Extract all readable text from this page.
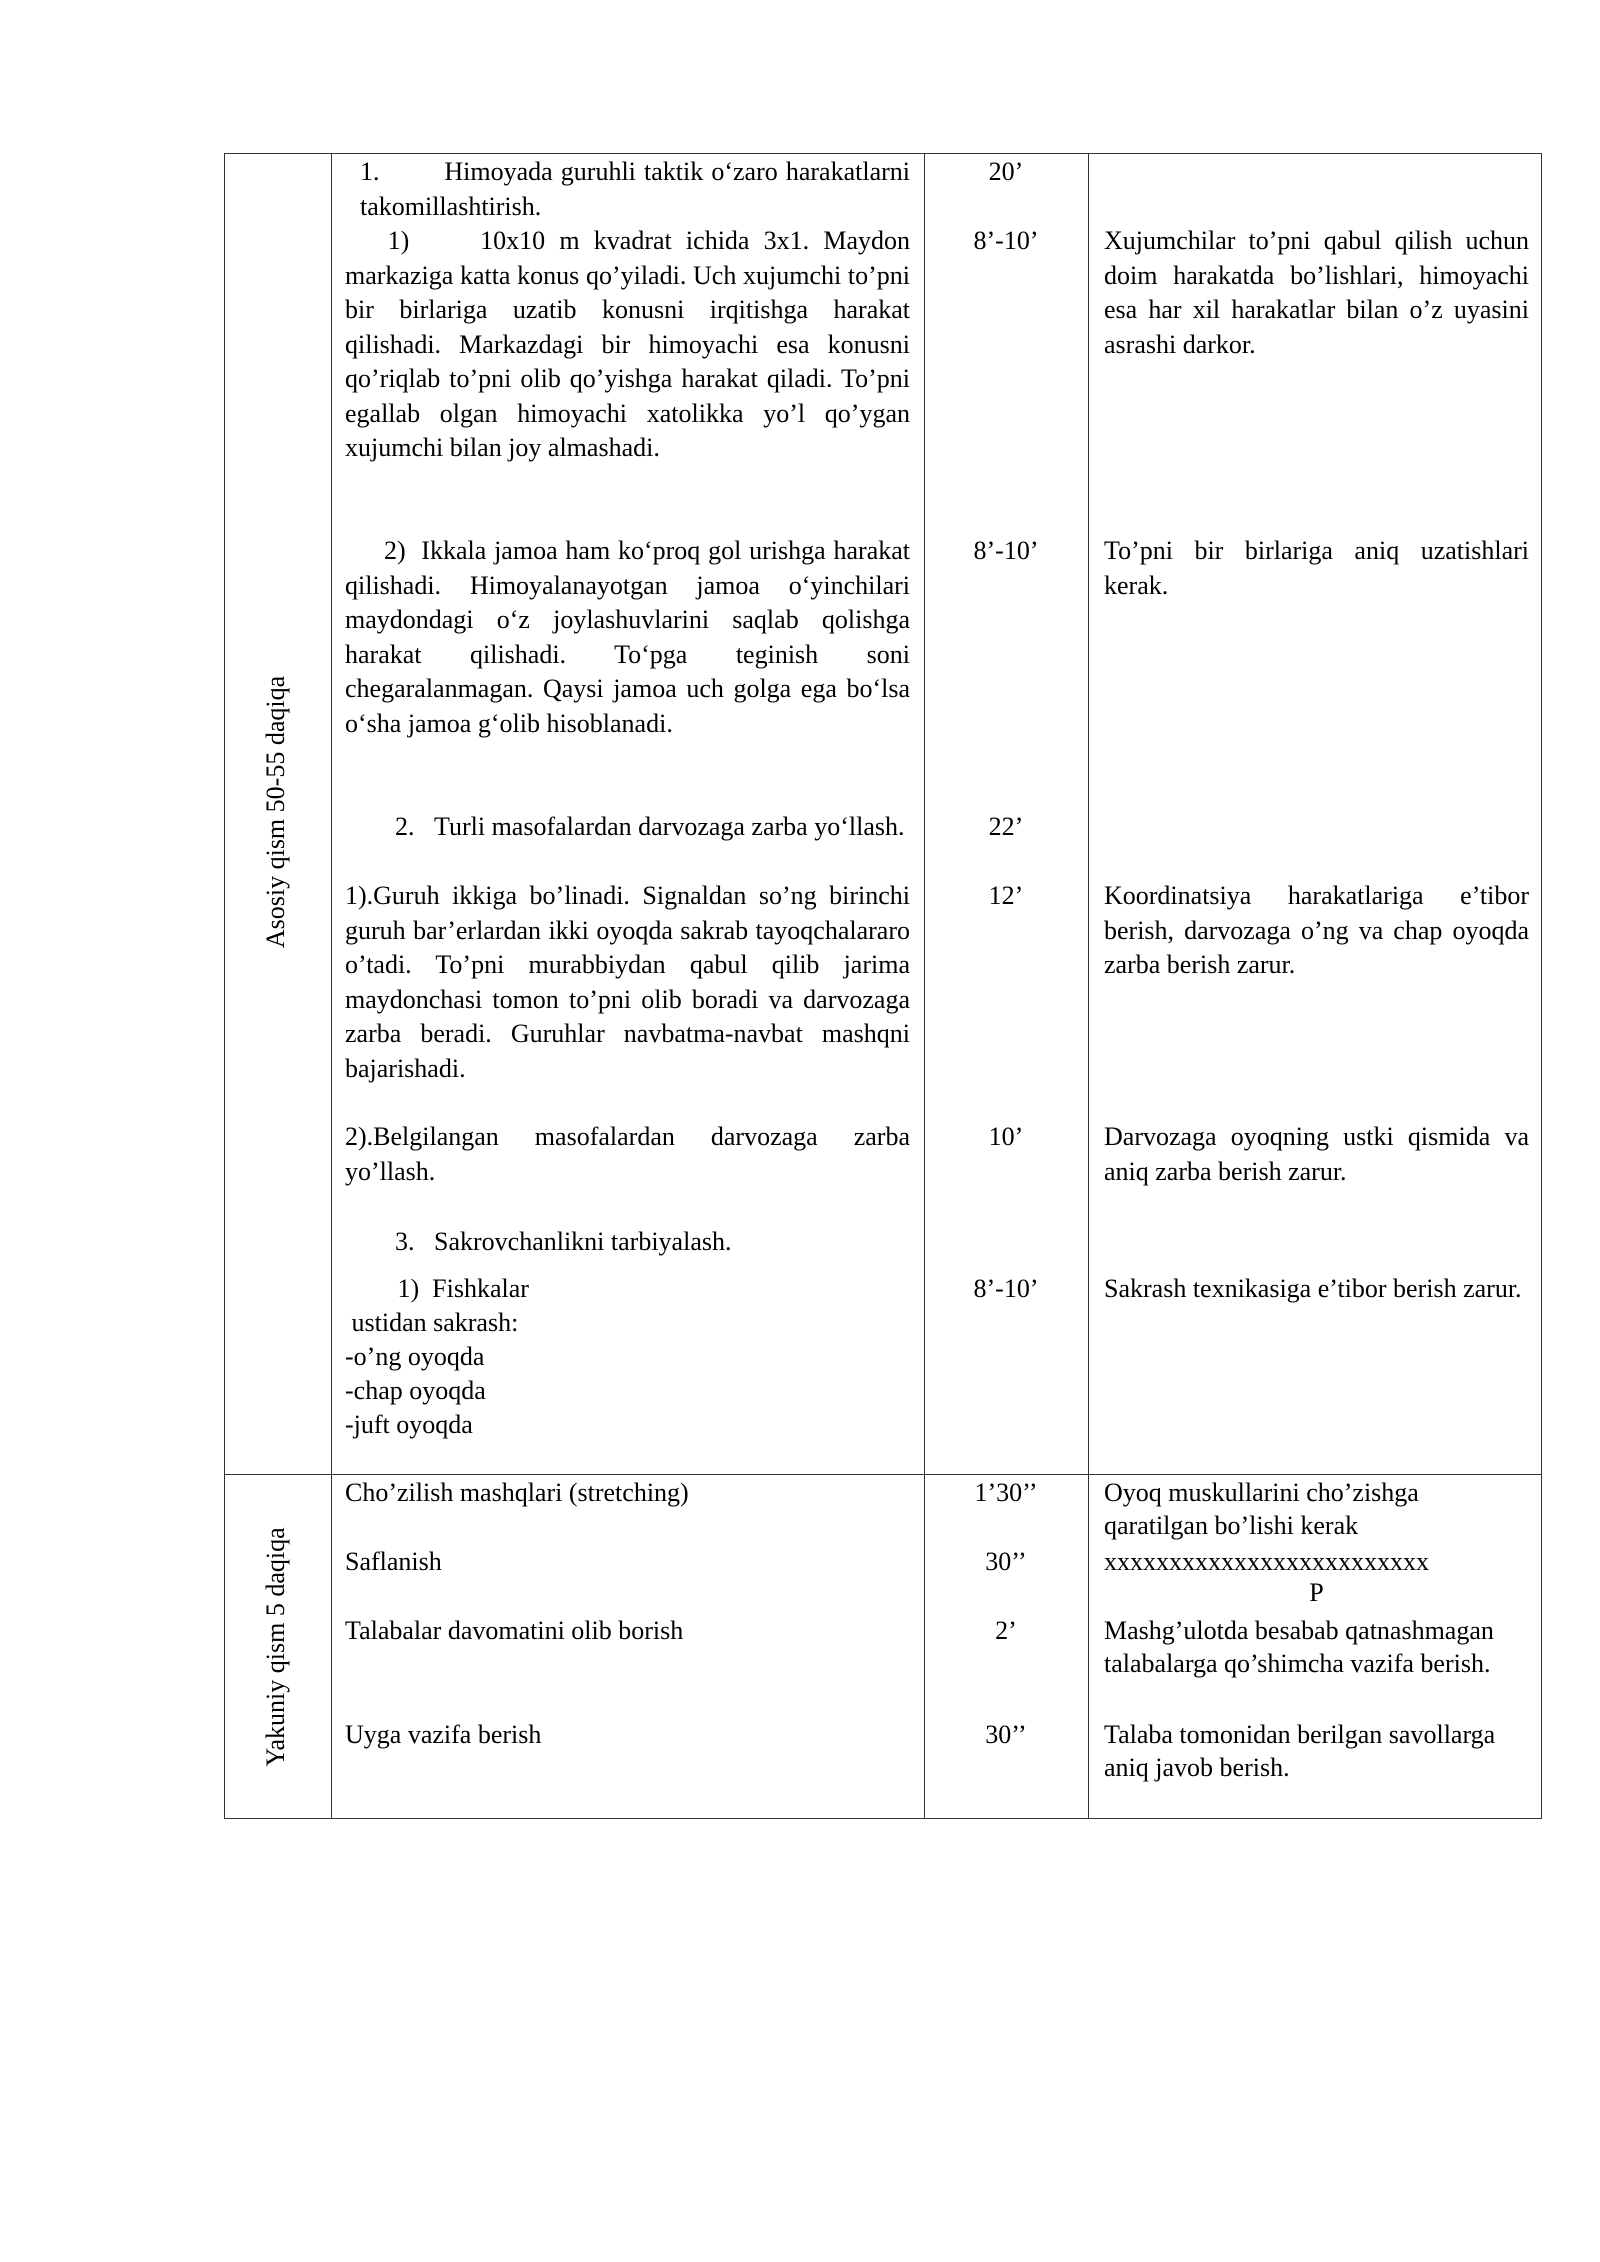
Asosiy qism 50-55 daqiqa

1.        Himoyada guruhli taktik o‘zaro harakatlarni takomillashtirish.

1)     10x10 m kvadrat ichida 3x1. Maydon markaziga katta konus qo’yiladi. Uch xujumchi to’pni bir birlariga uzatib konusni irqitishga harakat qilishadi. Markazdagi bir himoyachi esa konusni qo’riqlab to’pni olib qo’yishga harakat qiladi. To’pni egallab olgan himoyachi xatolikka yo’l qo’ygan xujumchi bilan joy almashadi.

2)  Ikkala jamoa ham ko‘proq gol urishga harakat qilishadi. Himoyalanayotgan jamoa o‘yinchilari maydondagi o‘z joylashuvlarini saqlab qolishga harakat qilishadi. To‘pga teginish soni chegaralanmagan. Qaysi jamoa uch golga ega bo‘lsa o‘sha jamoa g‘olib hisoblanadi.

2.   Turli masofalardan darvozaga zarba yo‘llash.

1).Guruh ikkiga bo’linadi. Signaldan so’ng birinchi guruh bar’erlardan ikki oyoqda sakrab tayoqchalararo o’tadi. To’pni murabbiydan qabul qilib jarima maydonchasi tomon to’pni olib boradi va darvozaga zarba beradi. Guruhlar navbatma-navbat mashqni bajarishadi.

2).Belgilangan masofalardan darvozaga zarba yo’llash.

3.   Sakrovchanlikni tarbiyalash.

1)  Fishkalar

ustidan sakrash:

-o’ng oyoqda

-chap oyoqda

-juft oyoqda

20’

8’-10’

8’-10’

22’

12’

10’

8’-10’

Xujumchilar to’pni qabul qilish uchun doim harakatda bo’lishlari, himoyachi esa har xil harakatlar bilan o’z uyasini asrashi darkor.

To’pni bir birlariga aniq uzatishlari kerak.

Koordinatsiya harakatlariga e’tibor berish, darvozaga o’ng va chap oyoqda zarba berish zarur.

Darvozaga oyoqning ustki qismida va aniq zarba berish zarur.

Sakrash texnikasiga e’tibor berish zarur.

Yakuniy qism 5 daqiqa

Cho’zilish mashqlari (stretching)

Saflanish

Talabalar davomatini olib borish

Uyga vazifa berish

1’30’’

30’’

2’

30’’

Oyoq muskullarini cho’zishga qaratilgan bo’lishi kerak

xxxxxxxxxxxxxxxxxxxxxxxxx

P

Mashg’ulotda besabab qatnashmagan talabalarga qo’shimcha vazifa berish.

Talaba tomonidan berilgan savollarga aniq javob berish.
